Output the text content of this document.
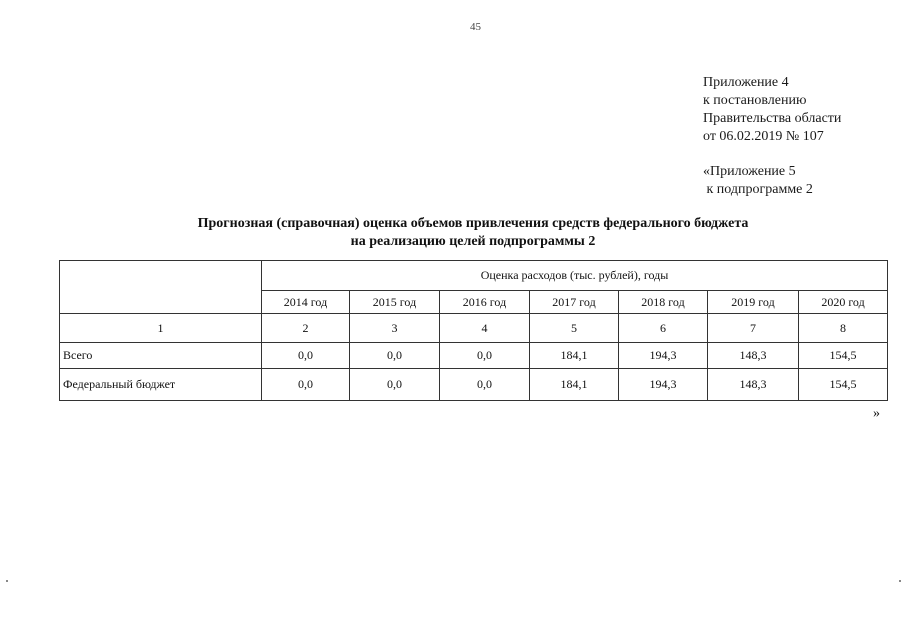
45
Приложение 4
к постановлению
Правительства области
от 06.02.2019 № 107
«Приложение 5
к подпрограмме 2
Прогнозная (справочная) оценка объемов привлечения средств федерального бюджета
на реализацию целей подпрограммы 2
	Оценка расходов (тыс. рублей), годы						
	2014 год	2015 год	2016 год	2017 год	2018 год	2019 год	2020 год
1	2	3	4	5	6	7	8
Всего	0,0	0,0	0,0	184,1	194,3	148,3	154,5
Федеральный бюджет	0,0	0,0	0,0	184,1	194,3	148,3	154,5
»
